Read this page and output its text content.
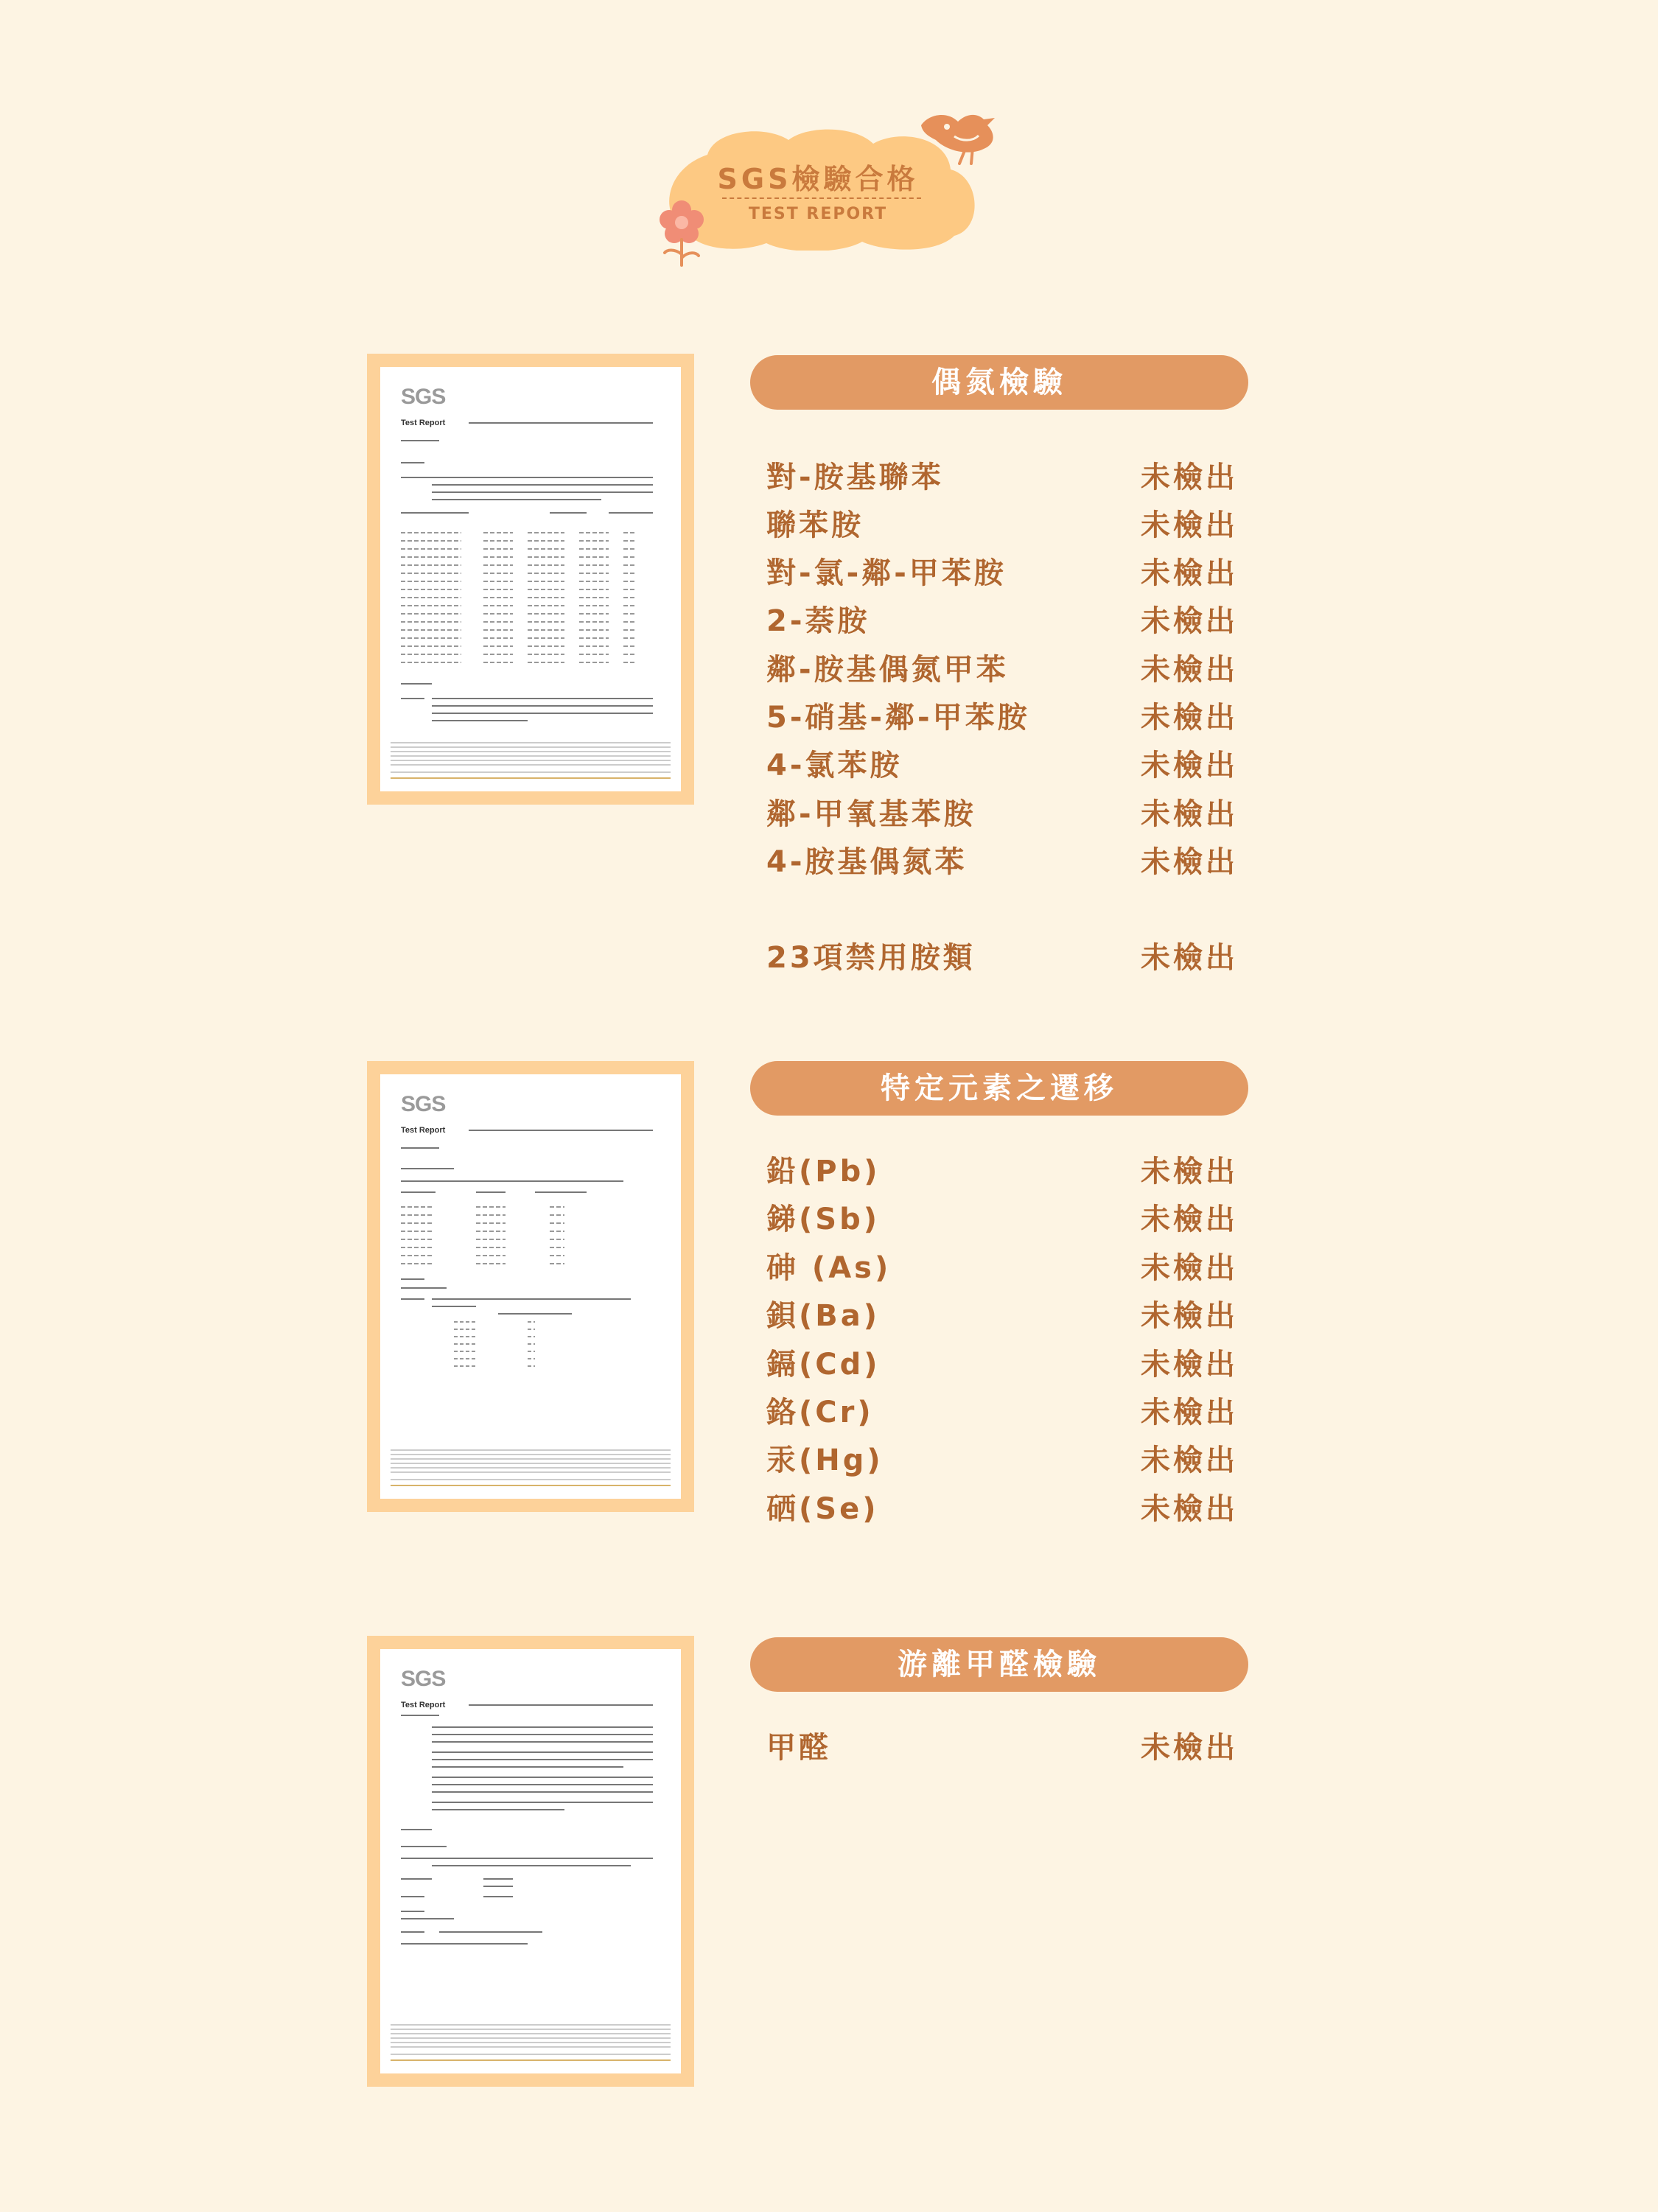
SGS檢驗合格
TEST REPORT
SGS
Test Report
SGS
Test Report
SGS
Test Report
偶氮檢驗
對-胺基聯苯	未檢出
聯苯胺	未檢出
對-氯-鄰-甲苯胺	未檢出
2-萘胺	未檢出
鄰-胺基偶氮甲苯	未檢出
5-硝基-鄰-甲苯胺	未檢出
4-氯苯胺	未檢出
鄰-甲氧基苯胺	未檢出
4-胺基偶氮苯	未檢出
23項禁用胺類	未檢出
特定元素之遷移
鉛(Pb)	未檢出
銻(Sb)	未檢出
砷 (As)	未檢出
鋇(Ba)	未檢出
鎘(Cd)	未檢出
鉻(Cr)	未檢出
汞(Hg)	未檢出
硒(Se)	未檢出
游離甲醛檢驗
甲醛	未檢出
